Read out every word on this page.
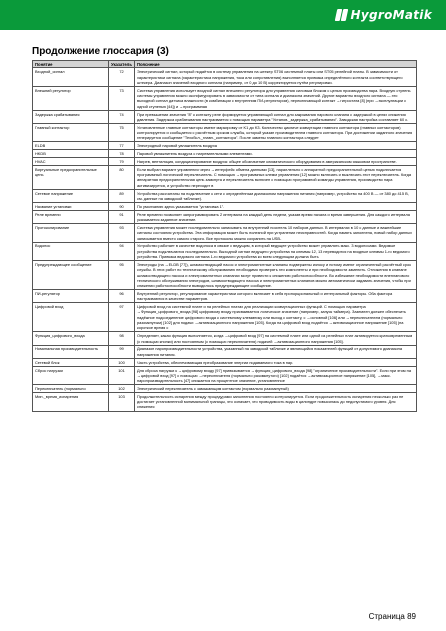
HygroMatik
Продолжение глоссария (3)
Понятие	Указатель	Пояснение
Входной_сигнал	72	Электрический сигнал, который подаётся в систему управления на штекер ST06 системной платы или ST05 релейной платы. В зависимости от характеристики сигнала (характеристика напряжения, тока или сопротивления) выполняется привязка определённого контакта соответствующего штекера. Диапазон значений входного сигнала (например, от 0 до 10 В) корректируется путём регулировки.
Внешний регулятор	73	Система управления использует входной сигнал внешнего регулятора для управления силовым блоком с целью производства пара. Входную ступень системы управления можно сконфигурировать в зависимости от типа сигнала и диапазона значений. Другие варианты входного сигнала — это выходной сигнал датчика влажности (в комбинации с внутренним ПИ-регулятором), переключающий контакт →гигростата [8] (при →эксплуатации с одной ступенью [44]) и →программная
Задержка срабатывания	74	При превышении значения "8" к контакту реле формируется управляющий сигнал для закрывания парового клапана с задержкой в целях снижения давления. Задержка срабатывания настраивается с помощью параметра "Установ._задержка_срабатывания". Заводская настройка составляет 60 с.
Главный контактор	75	Установленные главные контакторы имеют маркировку от K1 до K3. Количество цикличе коммутации главного контактора (главных контакторов) контролируется и сообщается с расчётным сроком службы, который указан производителем главного контактора. При достижении заданного значения генерируется сообщение "Техобсл._главн._контактора". После замены главного контактора следует
ELDB	77	Электродный паровой увлажнитель воздуха
HKDB	78	Паровой увлажнитель воздуха с нагревательными элементами.
HVAC	79	Нагрев, вентиляция, кондиционирование воздуха: общее обозначение климатического оборудования в американском языковом пространстве.
Виртуальные предохранительные цепь	80	Если выбран вариант управления через →интерфейс обмена данными [13], параллельно с аппаратной предохранительной цепью подключается программный логический переключатель. С помощью →программных клемм управления [12] можно включать и выключать этот переключатель. Когда аппаратная предохранительная цепь замкнута и переключатель включен с помощью программной команды управления, производство пара активизируется, и устройство переходит в
Сетевое напряжение	89	Устройства рассчитаны на подключение к сети с определённым диапазоном напряжения питания (например, устройство на 400 В — от 380 до 415 В, см. данные на заводской табличке).
Название установки	90	По умолчанию здесь указывается "установка 1".
Реле времени	91	Реле времени позволяет запрограммировать 2 интервала на каждый день недели, указав время начала и время завершения. Для каждого интервала указывается заданное значение.
Протоколирование	93	Система управления может последовательно записывать на внутренний носитель 10 наборов данных. В интервалах в 10 с данные и важнейшие сигналы состояния устройства. Эта информация может быть полезной при устранении неисправностей. Когда память заполнена, новый набор данных записывается вместо самого старого. Все протоколы можно сохранить на USB-
Водонос	94	Устройство работает в качестве водоноса в связке с ведущим, в который ведущее устройство может управлять макс. 3 водоносами. Ведомые устройства подключаются последовательно. Выходной сигнал ведущего устройства на клеммы 12, 13 переводится на входные клеммы 1-го ведомого устройства. Привязка ведомого сигнала 1-го ведомого устройства ко всем следующим должна быть
Предупреждающее сообщение	95	Электроды (на →ELDB [77]), шламоотводящий насос и электромагнитные клапаны подвержены износу и потому имеют ограниченный расчётный срок службы. В этих работ по техническому обслуживанию необходимо проверять эти компоненты и при необходимости заменить. Отложения в клапане шламоотводящего насоса и электромагнитных клапанах могут привести к снижению работоспособности. Во избежание необходимости внепланового технического обслуживания электродов, шламоотводящего насоса и электромагнитных клапанов можно автоматически задавать значения, чтобы при снижении работоспособности выводилось предупреждающее сообщение.
ПИ-регулятор	96	Внутренний регулятор, регулирование характеристики которого включает в себя пропорциональный и интегральный факторы. Оба фактора настраиваются в качестве параметров.
Цифровой вход	97	Цифровой вход на системной плате и на релейных платах для реализации коммутационных функций. С помощью параметра →Функция_цифрового_входа [98] цифровому входу присваивается логическое значение (например, запуск таймера). Заземлен должен обеспечить надёжное подсоединение цифрового входа к системному клеммнику или выход с контакту, с →основной [106] или →переключателем (нормально разомкнутым) [102] для подачи →активизационного напряжения [105]. Когда на цифровой вход подаётся →активизационное напряжение [105] (на короткое время с
Функция_цифрового_входа	98	Определяет, какая функция выполняется, когда →цифровой вход [97] на системной плате или одной из релейных плат активируется кратковременным (с помощью кнопки) или постоянным (с помощью переключателя) подачей →активизационного напряжения [105].
Номинальная производительность	99	Диапазон паропроизводительности устройства, указанный на заводской табличке и являющийся показателей функций от допустимого диапазона напряжения питания.
Сетевой блок	100	Часть устройства, обеспечивающая преобразование энергии подаваемого тока в пар.
Сброс нагрузки	101	Для сброса нагрузки к →цифровому входу [97] привязывается →функция_цифрового_входа [98] "ограничение производительности". Если при этом на →цифровой вход [97] с помощью →переключателя (нормально разомкнутого) [102] подаётся →активизационное напряжение [105], →макс. паропроизводительность [47] снижается на процентное значение, установленное
Переключатель (нормально	102	Электрический переключатель с замыкающим контактом (нормально разомкнутый)
Мин._время_испарения	103	Продолжительность испарения между процедурами заполнения постоянно контролируется. Если продолжительность испарения несколько раз не достигает установленной минимальной границы, это означает, что проводимость воды в цилиндре повысилась до недопустимого уровня. Для снижения
Страница 89
